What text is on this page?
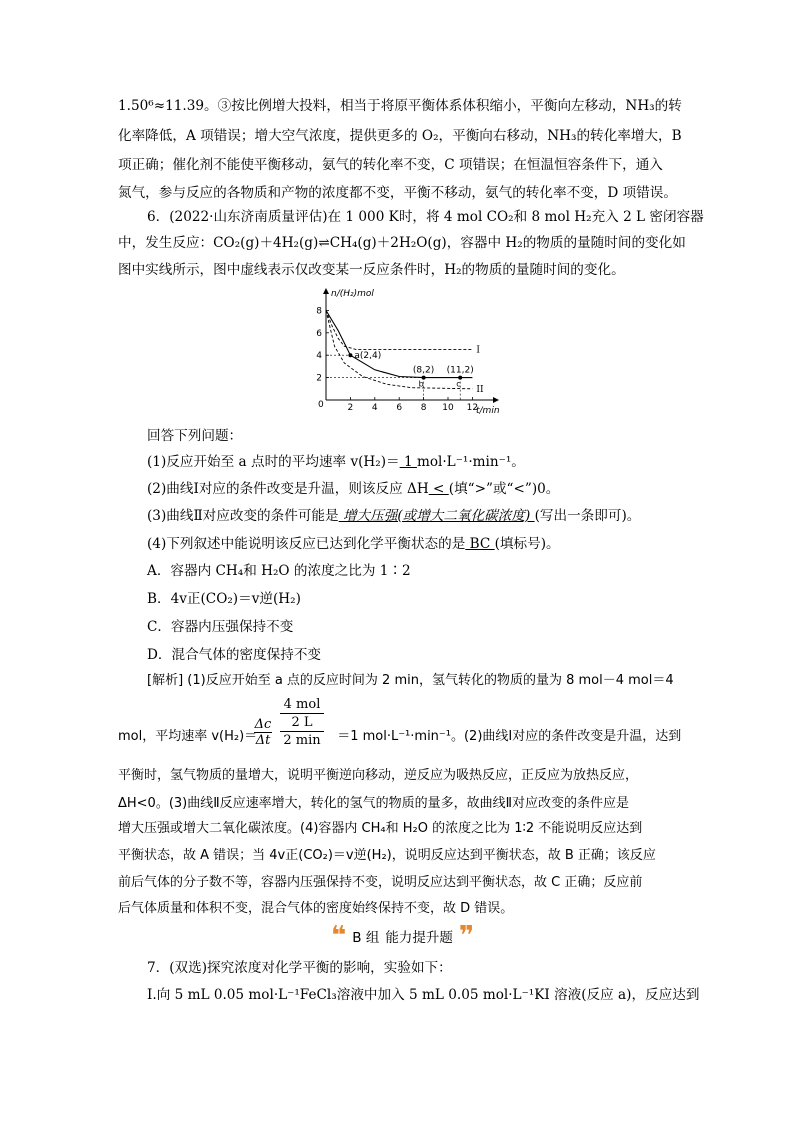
1.50⁶≈11.39。③按比例增大投料，相当于将原平衡体系体积缩小，平衡向左移动，NH₃的转
化率降低，A 项错误；增大空气浓度，提供更多的 O₂，平衡向右移动，NH₃的转化率增大，B
项正确；催化剂不能使平衡移动，氨气的转化率不变，C 项错误；在恒温恒容条件下，通入
氮气，参与反应的各物质和产物的浓度都不变，平衡不移动，氨气的转化率不变，D 项错误。
6．(2022·山东济南质量评估)在 1 000 K时，将 4 mol CO₂和 8 mol H₂充入 2 L 密闭容器
中，发生反应：CO₂(g)＋4H₂(g)⇌CH₄(g)＋2H₂O(g)，容器中 H₂的物质的量随时间的变化如
图中实线所示，图中虚线表示仅改变某一反应条件时，H₂的物质的量随时间的变化。
n/(H₂)mol
t/min
0	2 4 6 8 10 12
2
4
6
8
I
II
a(2,4)
(8,2)
b
(11,2)
c
回答下列问题：
(1)反应开始至 a 点时的平均速率 v(H₂)＝ 1 mol·L⁻¹·min⁻¹。
(2)曲线Ⅰ对应的条件改变是升温，则该反应 ΔH < (填“>”或“<”)0。
(3)曲线Ⅱ对应改变的条件可能是 增大压强(或增大二氧化碳浓度) (写出一条即可)。
(4)下列叙述中能说明该反应已达到化学平衡状态的是 BC (填标号)。
A．容器内 CH₄和 H₂O 的浓度之比为 1∶2
B．4v正(CO₂)＝v逆(H₂)
C．容器内压强保持不变
D．混合气体的密度保持不变
[解析] (1)反应开始至 a 点的反应时间为 2 min，氢气转化的物质的量为 8 mol－4 mol＝4
4 mol
2 L
2 min
Δc
Δt
mol，平均速率 v(H₂)＝	＝1 mol·L⁻¹·min⁻¹。(2)曲线Ⅰ对应的条件改变是升温，达到
平衡时，氢气物质的量增大，说明平衡逆向移动，逆反应为吸热反应，正反应为放热反应，
ΔH<0。(3)曲线Ⅱ反应速率增大，转化的氢气的物质的量多，故曲线Ⅱ对应改变的条件应是
增大压强或增大二氧化碳浓度。(4)容器内 CH₄和 H₂O 的浓度之比为 1∶2 不能说明反应达到
平衡状态，故 A 错误；当 4v正(CO₂)＝v逆(H₂)，说明反应达到平衡状态，故 B 正确；该反应
前后气体的分子数不等，容器内压强保持不变，说明反应达到平衡状态，故 C 正确；反应前
后气体质量和体积不变，混合气体的密度始终保持不变，故 D 错误。
❝ B 组 能力提升题 ❞
7．(双选)探究浓度对化学平衡的影响，实验如下：
Ⅰ.向 5 mL 0.05 mol·L⁻¹FeCl₃溶液中加入 5 mL 0.05 mol·L⁻¹KI 溶液(反应 a)，反应达到
